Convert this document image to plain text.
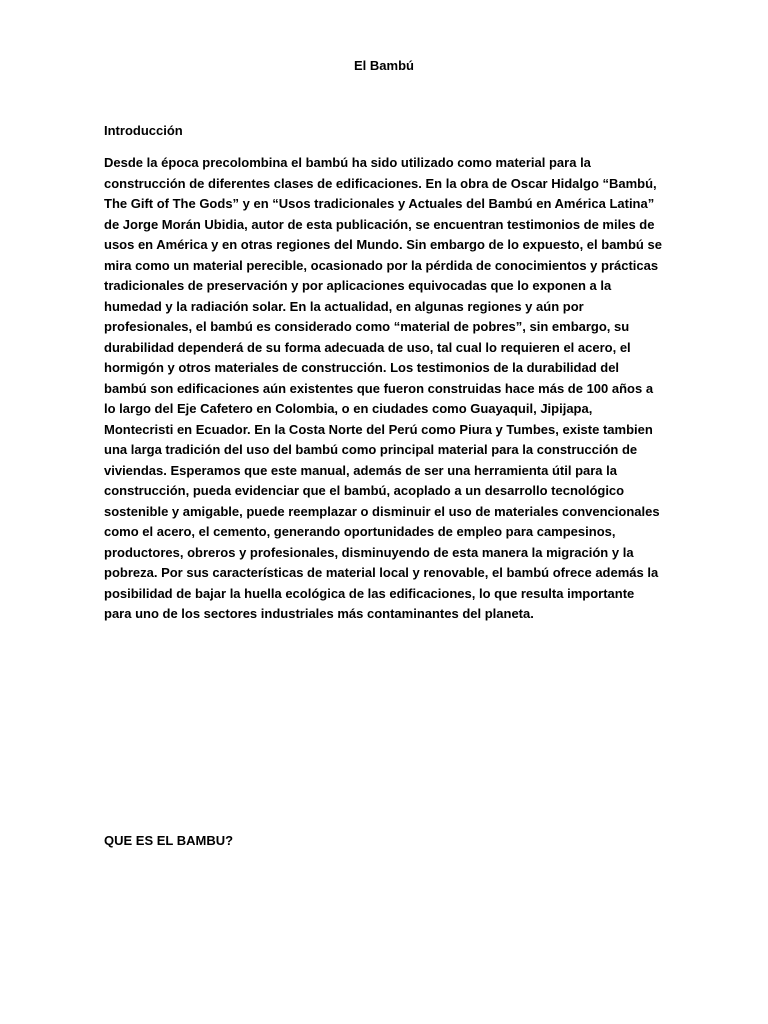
El Bambú
Introducción
Desde la época precolombina el bambú ha sido utilizado como material para la
construcción de diferentes clases de edificaciones. En la obra de Oscar Hidalgo “Bambú,
The Gift of The Gods” y en “Usos tradicionales y Actuales del Bambú en América Latina”
de Jorge Morán Ubidia, autor de esta publicación, se encuentran testimonios de miles de
usos en América y en otras regiones del Mundo. Sin embargo de lo expuesto, el bambú se
mira como un material perecible, ocasionado por la pérdida de conocimientos y prácticas
tradicionales de preservación y por aplicaciones equivocadas que lo exponen a la
humedad y la radiación solar. En la actualidad, en algunas regiones y aún por
profesionales, el bambú es considerado como “material de pobres”, sin embargo, su
durabilidad dependerá de su forma adecuada de uso, tal cual lo requieren el acero, el
hormigón y otros materiales de construcción. Los testimonios de la durabilidad del
bambú son edificaciones aún existentes que fueron construidas hace más de 100 años a
lo largo del Eje Cafetero en Colombia, o en ciudades como Guayaquil, Jipijapa,
Montecristi en Ecuador. En la Costa Norte del Perú como Piura y Tumbes, existe tambien
una larga tradición del uso del bambú como principal material para la construcción de
viviendas. Esperamos que este manual, además de ser una herramienta útil para la
construcción, pueda evidenciar que el bambú, acoplado a un desarrollo tecnológico
sostenible y amigable, puede reemplazar o disminuir el uso de materiales convencionales
como el acero, el cemento, generando oportunidades de empleo para campesinos,
productores, obreros y profesionales, disminuyendo de esta manera la migración y la
pobreza. Por sus características de material local y renovable, el bambú ofrece además la
posibilidad de bajar la huella ecológica de las edificaciones, lo que resulta importante
para uno de los sectores industriales más contaminantes del planeta.
QUE ES EL BAMBU?
